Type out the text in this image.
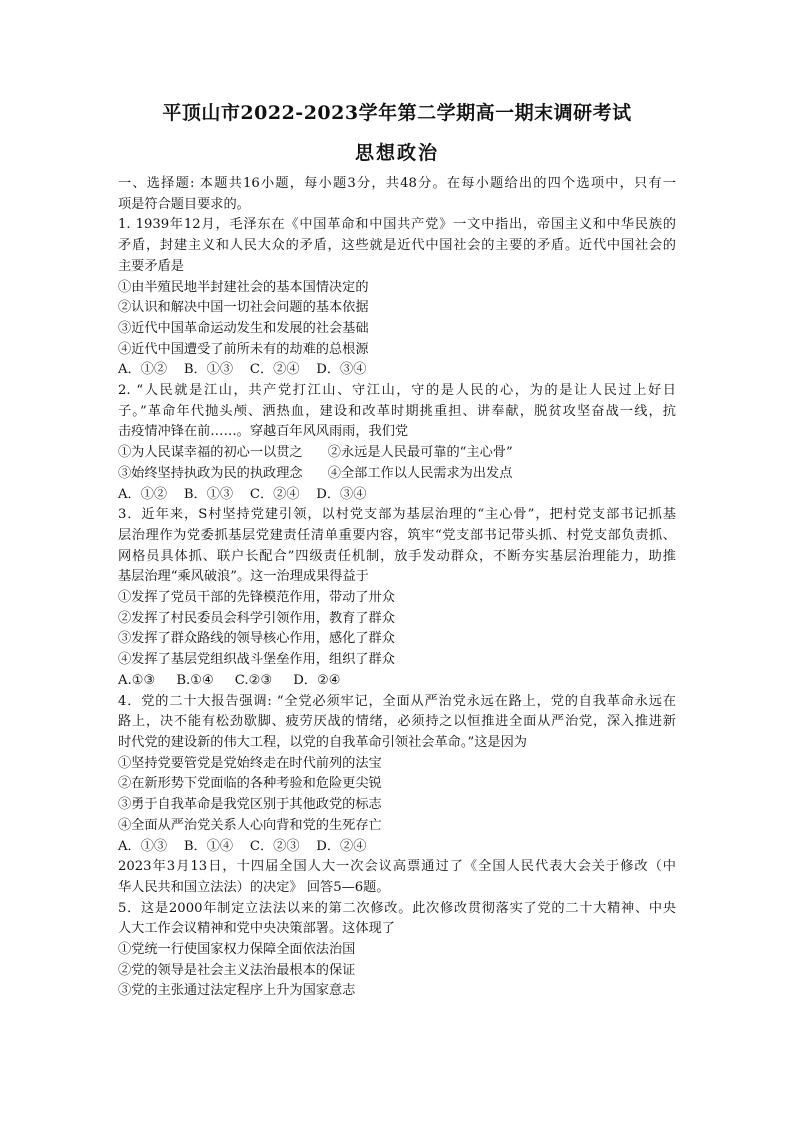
平顶山市2022-2023学年第二学期高一期末调研考试
思想政治
一、选择题: 本题共16小题，每小题3分，共48分。在每小题给出的四个选项中，只有一
项是符合题目要求的。
1. 1939年12月，毛泽东在《中国革命和中国共产党》一文中指出，帝国主义和中华民族的
矛盾，封建主义和人民大众的矛盾，这些就是近代中国社会的主要的矛盾。近代中国社会的
主要矛盾是
①由半殖民地半封建社会的基本国情决定的
②认识和解决中国一切社会问题的基本依据
③近代中国革命运动发生和发展的社会基础
④近代中国遭受了前所未有的劫难的总根源
A．①②    B．①③    C．②④    D．③④
2. “人民就是江山，共产党打江山、守江山，守的是人民的心，为的是让人民过上好日
子。”革命年代抛头颅、洒热血，建设和改革时期挑重担、讲奉献，脱贫攻坚奋战一线，抗
击疫情冲锋在前……。穿越百年风风雨雨，我们党
①为人民谋幸福的初心一以贯之      ②永远是人民最可靠的“主心骨”
③始终坚持执政为民的执政理念      ④全部工作以人民需求为出发点
A．①②    B．①③    C．②④    D．③④
3．近年来，S村坚持党建引领，以村党支部为基层治理的“主心骨”，把村党支部书记抓基
层治理作为党委抓基层党建责任清单重要内容，筑牢“党支部书记带头抓、村党支部负责抓、
网格员具体抓、联户长配合”四级责任机制，放手发动群众，不断夯实基层治理能力，助推
基层治理“乘风破浪”。这一治理成果得益于
①发挥了党员干部的先锋模范作用，带动了卅众
②发挥了村民委员会科学引领作用，教育了群众
③发挥了群众路线的领导核心作用，感化了群众
④发挥了基层党组织战斗堡垒作用，组织了群众
A.①③     B.①④     C.②③     D．②④
4．党的二十大报告强调: “全党必须牢记，全面从严治党永远在路上，党的自我革命永远在
路上，决不能有松劲歇脚、疲劳厌战的情绪，必须持之以恒推进全面从严治党，深入推进新
时代党的建设新的伟大工程，以党的自我革命引领社会革命。”这是因为
①坚持党要管党是党始终走在时代前列的法宝
②在新形势下党面临的各种考验和危险更尖锐
③勇于自我革命是我党区别于其他政党的标志
④全面从严治党关系人心向背和党的生死存亡
A．①③    B．①④    C．②③    D．②④
2023年3月13日，十四届全国人大一次会议高票通过了《全国人民代表大会关于修改（中
华人民共和国立法法）的决定》 回答5—6题。
5．这是2000年制定立法法以来的第二次修改。此次修改贯彻落实了党的二十大精神、中央
人大工作会议精神和党中央决策部署。这体现了
①党统一行使国家权力保障全面依法治国
②党的领导是社会主义法治最根本的保证
③党的主张通过法定程序上升为国家意志
